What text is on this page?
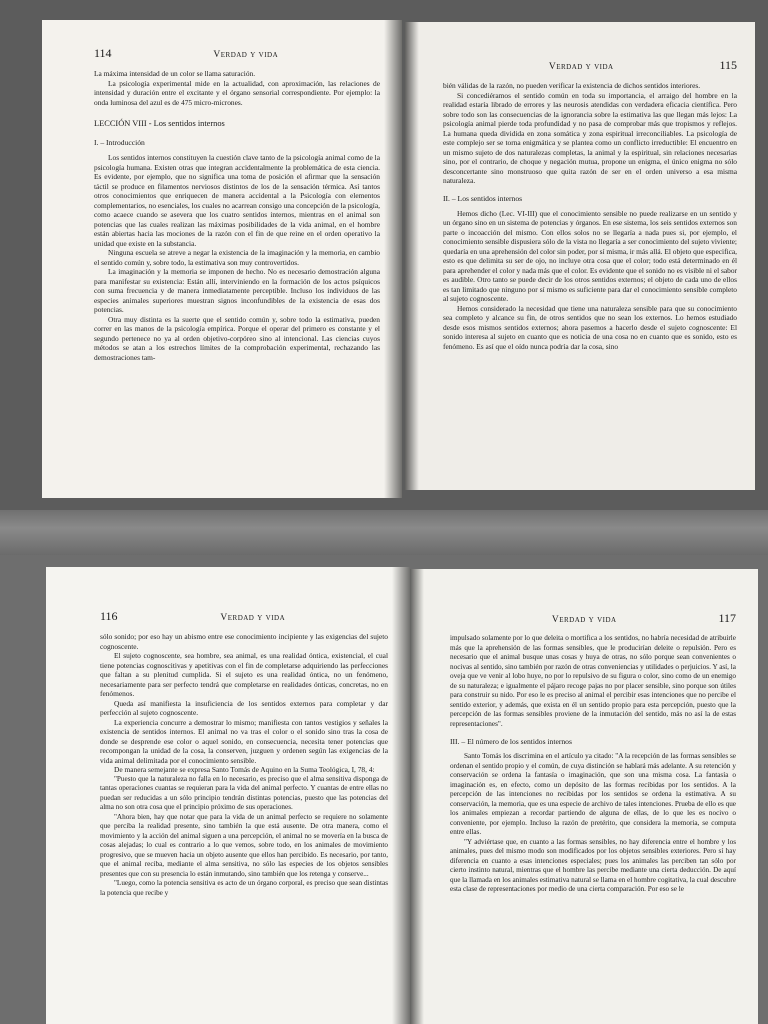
114	Verdad y vida

La máxima intensidad de un color se llama saturación.

La psicología experimental mide en la actualidad, con aproximación, las relaciones de intensidad y duración entre el excitante y el órgano sensorial correspondiente. Por ejemplo: la onda luminosa del azul es de 475 micro-micrones.

LECCIÓN VIII - Los sentidos internos
I. – Introducción

Los sentidos internos constituyen la cuestión clave tanto de la psicología animal como de la psicología humana. Existen otras que integran accidentalmente la problemática de esta ciencia. Es evidente, por ejemplo, que no significa una toma de posición el afirmar que la sensación táctil se produce en filamentos nerviosos distintos de los de la sensación térmica. Así tantos otros conocimientos que enriquecen de manera accidental a la Psicología con elementos complementarios, no esenciales, los cuales no acarrean consigo una concepción de la psicología, como acaece cuando se asevera que los cuatro sentidos internos, mientras en el animal son potencias que las cuales realizan las máximas posibilidades de la vida animal, en el hombre están abiertas hacia las mociones de la razón con el fin de que reine en el orden operativo la unidad que existe en la substancia.

Ninguna escuela se atreve a negar la existencia de la imaginación y la memoria, en cambio el sentido común y, sobre todo, la estimativa son muy controvertidos.

La imaginación y la memoria se imponen de hecho. No es necesario demostración alguna para manifestar su existencia: Están allí, interviniendo en la formación de los actos psíquicos con suma frecuencia y de manera inmediatamente perceptible. Incluso los individuos de las especies animales superiores muestran signos inconfundibles de la existencia de esas dos potencias.

Otra muy distinta es la suerte que el sentido común y, sobre todo la estimativa, pueden correr en las manos de la psicología empírica. Porque el operar del primero es constante y el segundo pertenece no ya al orden objetivo-corpóreo sino al intencional. Las ciencias cuyos métodos se atan a los estrechos límites de la comprobación experimental, rechazando las demostraciones tam-

Verdad y vida	115

bién válidas de la razón, no pueden verificar la existencia de dichos sentidos interiores.

Si concediéramos el sentido común en toda su importancia, el arraigo del hombre en la realidad estaría librado de errores y las neurosis atendidas con verdadera eficacia científica. Pero sobre todo son las consecuencias de la ignorancia sobre la estimativa las que llegan más lejos: La psicología animal pierde toda profundidad y no pasa de comprobar más que tropismos y reflejos. La humana queda dividida en zona somática y zona espiritual irreconciliables. La psicología de este complejo ser se torna enigmática y se plantea como un conflicto irreductible: El encuentro en un mismo sujeto de dos naturalezas completas, la animal y la espiritual, sin relaciones necesarias sino, por el contrario, de choque y negación mutua, propone un enigma, el único enigma no sólo desconcertante sino monstruoso que quita razón de ser en el orden universo a esa misma naturaleza.

II. – Los sentidos internos

Hemos dicho (Lec. VI-III) que el conocimiento sensible no puede realizarse en un sentido y un órgano sino en un sistema de potencias y órganos. En ese sistema, los seis sentidos externos son parte o incoacción del mismo. Con ellos solos no se llegaría a nada pues si, por ejemplo, el conocimiento sensible dispusiera sólo de la vista no llegaría a ser conocimiento del sujeto viviente; quedaría en una aprehensión del color sin poder, por sí misma, ir más allá. El objeto que especifica, esto es que delimita su ser de ojo, no incluye otra cosa que el color; todo está determinado en él para aprehender el color y nada más que el color. Es evidente que el sonido no es visible ni el sabor es audible. Otro tanto se puede decir de los otros sentidos externos; el objeto de cada uno de ellos es tan limitado que ninguno por sí mismo es suficiente para dar el conocimiento sensible completo al sujeto cognoscente.

Hemos considerado la necesidad que tiene una naturaleza sensible para que su conocimiento sea completo y alcance su fin, de otros sentidos que no sean los externos. Lo hemos estudiado desde esos mismos sentidos externos; ahora pasemos a hacerlo desde el sujeto cognoscente: El sonido interesa al sujeto en cuanto que es noticia de una cosa no en cuanto que es sonido, esto es fenómeno. Es así que el oído nunca podría dar la cosa, sino

116	Verdad y vida

sólo sonido; por eso hay un abismo entre ese conocimiento incipiente y las exigencias del sujeto cognoscente.

El sujeto cognoscente, sea hombre, sea animal, es una realidad óntica, existencial, el cual tiene potencias cognoscitivas y apetitivas con el fin de completarse adquiriendo las perfecciones que faltan a su plenitud cumplida. Si el sujeto es una realidad óntica, no un fenómeno, necesariamente para ser perfecto tendrá que completarse en realidades ónticas, concretas, no en fenómenos.

Queda así manifiesta la insuficiencia de los sentidos externos para completar y dar perfección al sujeto cognoscente.

La experiencia concurre a demostrar lo mismo; manifiesta con tantos vestigios y señales la existencia de sentidos internos. El animal no va tras el color o el sonido sino tras la cosa de donde se desprende ese color o aquel sonido, en consecuencia, necesita tener potencias que recompongan la unidad de la cosa, la conserven, juzguen y ordenen según las exigencias de la vida animal delimitada por el conocimiento sensible.

De manera semejante se expresa Santo Tomás de Aquino en la Suma Teológica, I, 78, 4:

"Puesto que la naturaleza no falla en lo necesario, es preciso que el alma sensitiva disponga de tantas operaciones cuantas se requieran para la vida del animal perfecto. Y cuantas de entre ellas no puedan ser reducidas a un sólo principio tendrán distintas potencias, puesto que las potencias del alma no son otra cosa que el principio próximo de sus operaciones.

"Ahora bien, hay que notar que para la vida de un animal perfecto se requiere no solamente que perciba la realidad presente, sino también la que está ausente. De otra manera, como el movimiento y la acción del animal siguen a una percepción, el animal no se movería en la busca de cosas alejadas; lo cual es contrario a lo que vemos, sobre todo, en los animales de movimiento progresivo, que se mueven hacia un objeto ausente que ellos han percibido. Es necesario, por tanto, que el animal reciba, mediante el alma sensitiva, no sólo las especies de los objetos sensibles presentes que con su presencia lo están inmutando, sino también que los retenga y conserve...

"Luego, como la potencia sensitiva es acto de un órgano corporal, es preciso que sean distintas la potencia que recibe y

Verdad y vida	117

impulsado solamente por lo que deleita o mortifica a los sentidos, no habría necesidad de atribuirle más que la aprehensión de las formas sensibles, que le producirían deleite o repulsión. Pero es necesario que el animal busque unas cosas y huya de otras, no sólo porque sean convenientes o nocivas al sentido, sino también por razón de otras conveniencias y utilidades o perjuicios. Y así, la oveja que ve venir al lobo huye, no por lo repulsivo de su figura o color, sino como de un enemigo de su naturaleza; e igualmente el pájaro recoge pajas no por placer sensible, sino porque son útiles para construir su nido. Por eso le es preciso al animal el percibir esas intenciones que no percibe el sentido exterior, y además, que exista en él un sentido propio para esta percepción, puesto que la percepción de las formas sensibles proviene de la inmutación del sentido, más no así la de estas representaciones".

III. – El número de los sentidos internos

Santo Tomás los discrimina en el artículo ya citado: "A la recepción de las formas sensibles se ordenan el sentido propio y el común, de cuya distinción se hablará más adelante. A su retención y conservación se ordena la fantasía o imaginación, que son una misma cosa. La fantasía o imaginación es, en efecto, como un depósito de las formas recibidas por los sentidos. A la percepción de las intenciones no recibidas por los sentidos se ordena la estimativa. A su conservación, la memoria, que es una especie de archivo de tales intenciones. Prueba de ello es que los animales empiezan a recordar partiendo de alguna de ellas, de lo que les es nocivo o conveniente, por ejemplo. Incluso la razón de pretérito, que considera la memoria, se computa entre ellas.

"Y adviértase que, en cuanto a las formas sensibles, no hay diferencia entre el hombre y los animales, pues del mismo modo son modificados por los objetos sensibles exteriores. Pero sí hay diferencia en cuanto a esas intenciones especiales; pues los animales las perciben tan sólo por cierto instinto natural, mientras que el hombre las percibe mediante una cierta deducción. De aquí que la llamada en los animales estimativa natural se llama en el hombre cogitativa, la cual descubre esta clase de representaciones por medio de una cierta comparación. Por eso se le
